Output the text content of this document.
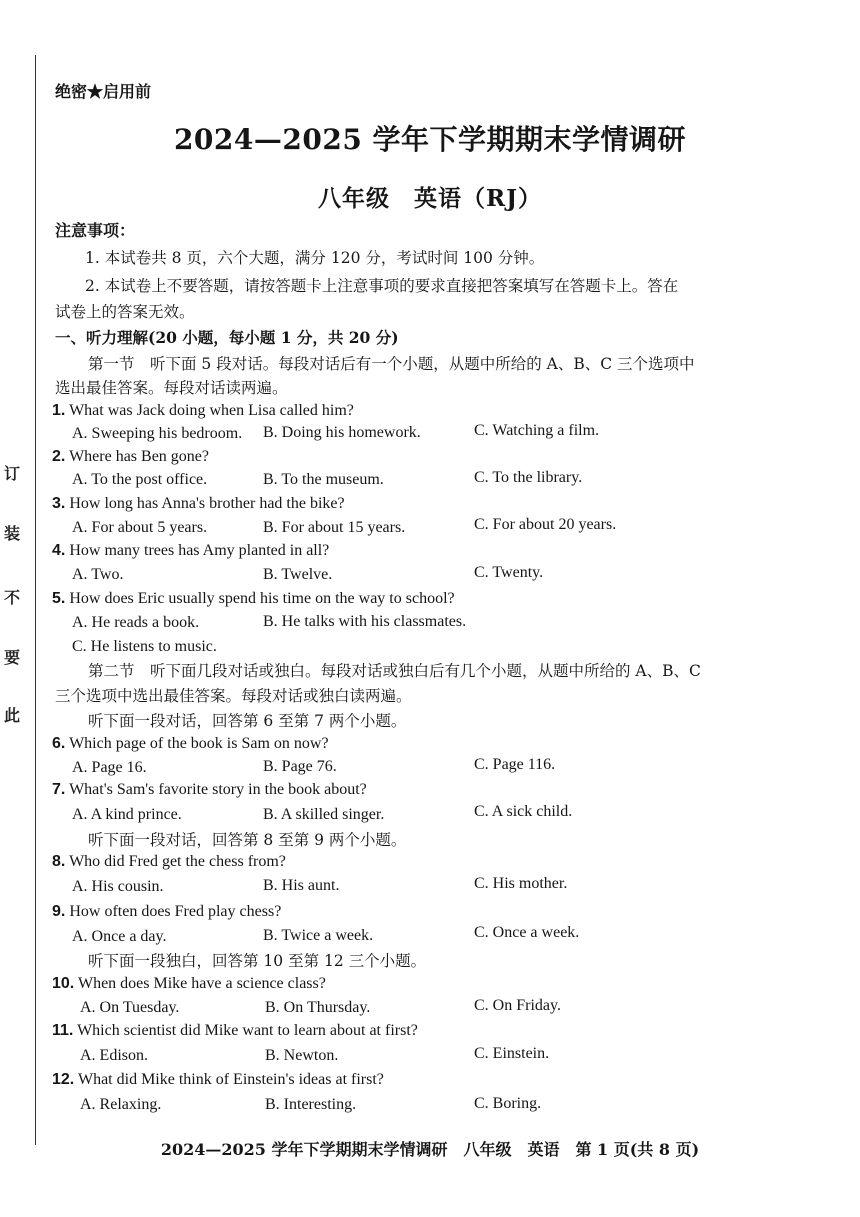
订
装
不
要
此
绝密★启用前
2024—2025 学年下学期期末学情调研
八年级　英语（RJ）
注意事项：
1. 本试卷共 8 页，六个大题，满分 120 分，考试时间 100 分钟。
2. 本试卷上不要答题，请按答题卡上注意事项的要求直接把答案填写在答题卡上。答在
试卷上的答案无效。
一、听力理解(20 小题，每小题 1 分，共 20 分)
第一节　听下面 5 段对话。每段对话后有一个小题，从题中所给的 A、B、C 三个选项中
选出最佳答案。每段对话读两遍。
1. What was Jack doing when Lisa called him?
A. Sweeping his bedroom. B. Doing his homework.	C. Watching a film.
2. Where has Ben gone?
A. To the post office.	B. To the museum.	C. To the library.
3. How long has Anna's brother had the bike?
A. For about 5 years.	B. For about 15 years.	C. For about 20 years.
4. How many trees has Amy planted in all?
A. Two.	B. Twelve.	C. Twenty.
5. How does Eric usually spend his time on the way to school?
A. He reads a book.	B. He talks with his classmates.
C. He listens to music.
第二节　听下面几段对话或独白。每段对话或独白后有几个小题，从题中所给的 A、B、C
三个选项中选出最佳答案。每段对话或独白读两遍。
听下面一段对话，回答第 6 至第 7 两个小题。
6. Which page of the book is Sam on now?
A. Page 16.	B. Page 76.	C. Page 116.
7. What's Sam's favorite story in the book about?
A. A kind prince.	B. A skilled singer.	C. A sick child.
听下面一段对话，回答第 8 至第 9 两个小题。
8. Who did Fred get the chess from?
A. His cousin.	B. His aunt.	C. His mother.
9. How often does Fred play chess?
A. Once a day.	B. Twice a week.	C. Once a week.
听下面一段独白，回答第 10 至第 12 三个小题。
10. When does Mike have a science class?
A. On Tuesday.	B. On Thursday.	C. On Friday.
11. Which scientist did Mike want to learn about at first?
A. Edison.	B. Newton.	C. Einstein.
12. What did Mike think of Einstein's ideas at first?
A. Relaxing.	B. Interesting.	C. Boring.
2024—2025 学年下学期期末学情调研　八年级　英语　第 1 页(共 8 页)
